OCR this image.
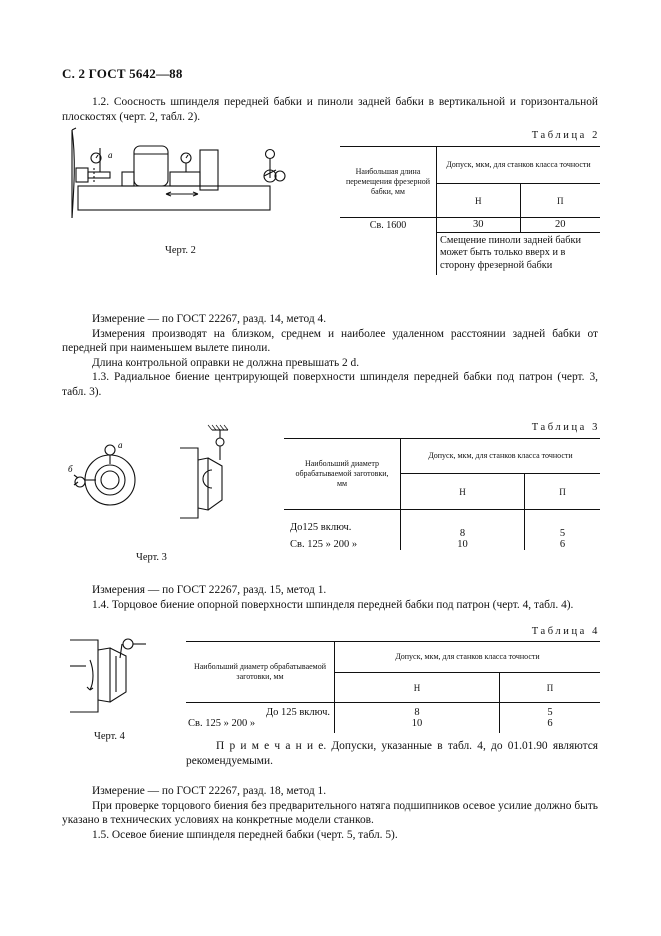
С. 2 ГОСТ 5642—88
1.2. Соосность шпинделя передней бабки и пиноли задней бабки в вертикальной и горизонтальной плоскостях (черт. 2, табл. 2).
a
Черт. 2
Таблица 2
Наибольшая длина перемещения фрезерной бабки, мм	Допуск, мкм, для станков класса точности	
	Н	П
Св. 1600	30	20
	Смещение пиноли задней бабки может быть только вверх и в сторону фрезерной бабки	
Измерение — по ГОСТ 22267, разд. 14, метод 4.
Измерения производят на близком, среднем и наиболее удаленном расстоянии задней бабки от передней при наименьшем вылете пиноли.
Длина контрольной оправки не должна превышать 2 d.
1.3. Радиальное биение центрирующей поверхности шпинделя передней бабки под патрон (черт. 3, табл. 3).
a
б
Черт. 3
Таблица 3
Наибольший диаметр обрабатываемой заготовки, мм	Допуск, мкм, для станков класса точности	
	Н	П
До125 включ.	8	5
Св. 125 » 200 »	10	6
Измерения — по ГОСТ 22267, разд. 15, метод 1.
1.4. Торцовое биение опорной поверхности шпинделя передней бабки под патрон (черт. 4, табл. 4).
Черт. 4
Таблица 4
Наибольший диаметр обрабатываемой заготовки, мм	Допуск, мкм, для станков класса точности	
	Н	П
До 125 включ.	8	5
Св. 125 » 200 »	10	6
П р и м е ч а н и е. Допуски, указанные в табл. 4, до 01.01.90 являются рекомендуемыми.
Измерение — по ГОСТ 22267, разд. 18, метод 1.
При проверке торцового биения без предварительного натяга подшипников осевое усилие должно быть указано в технических условиях на конкретные модели станков.
1.5. Осевое биение шпинделя передней бабки (черт. 5, табл. 5).
